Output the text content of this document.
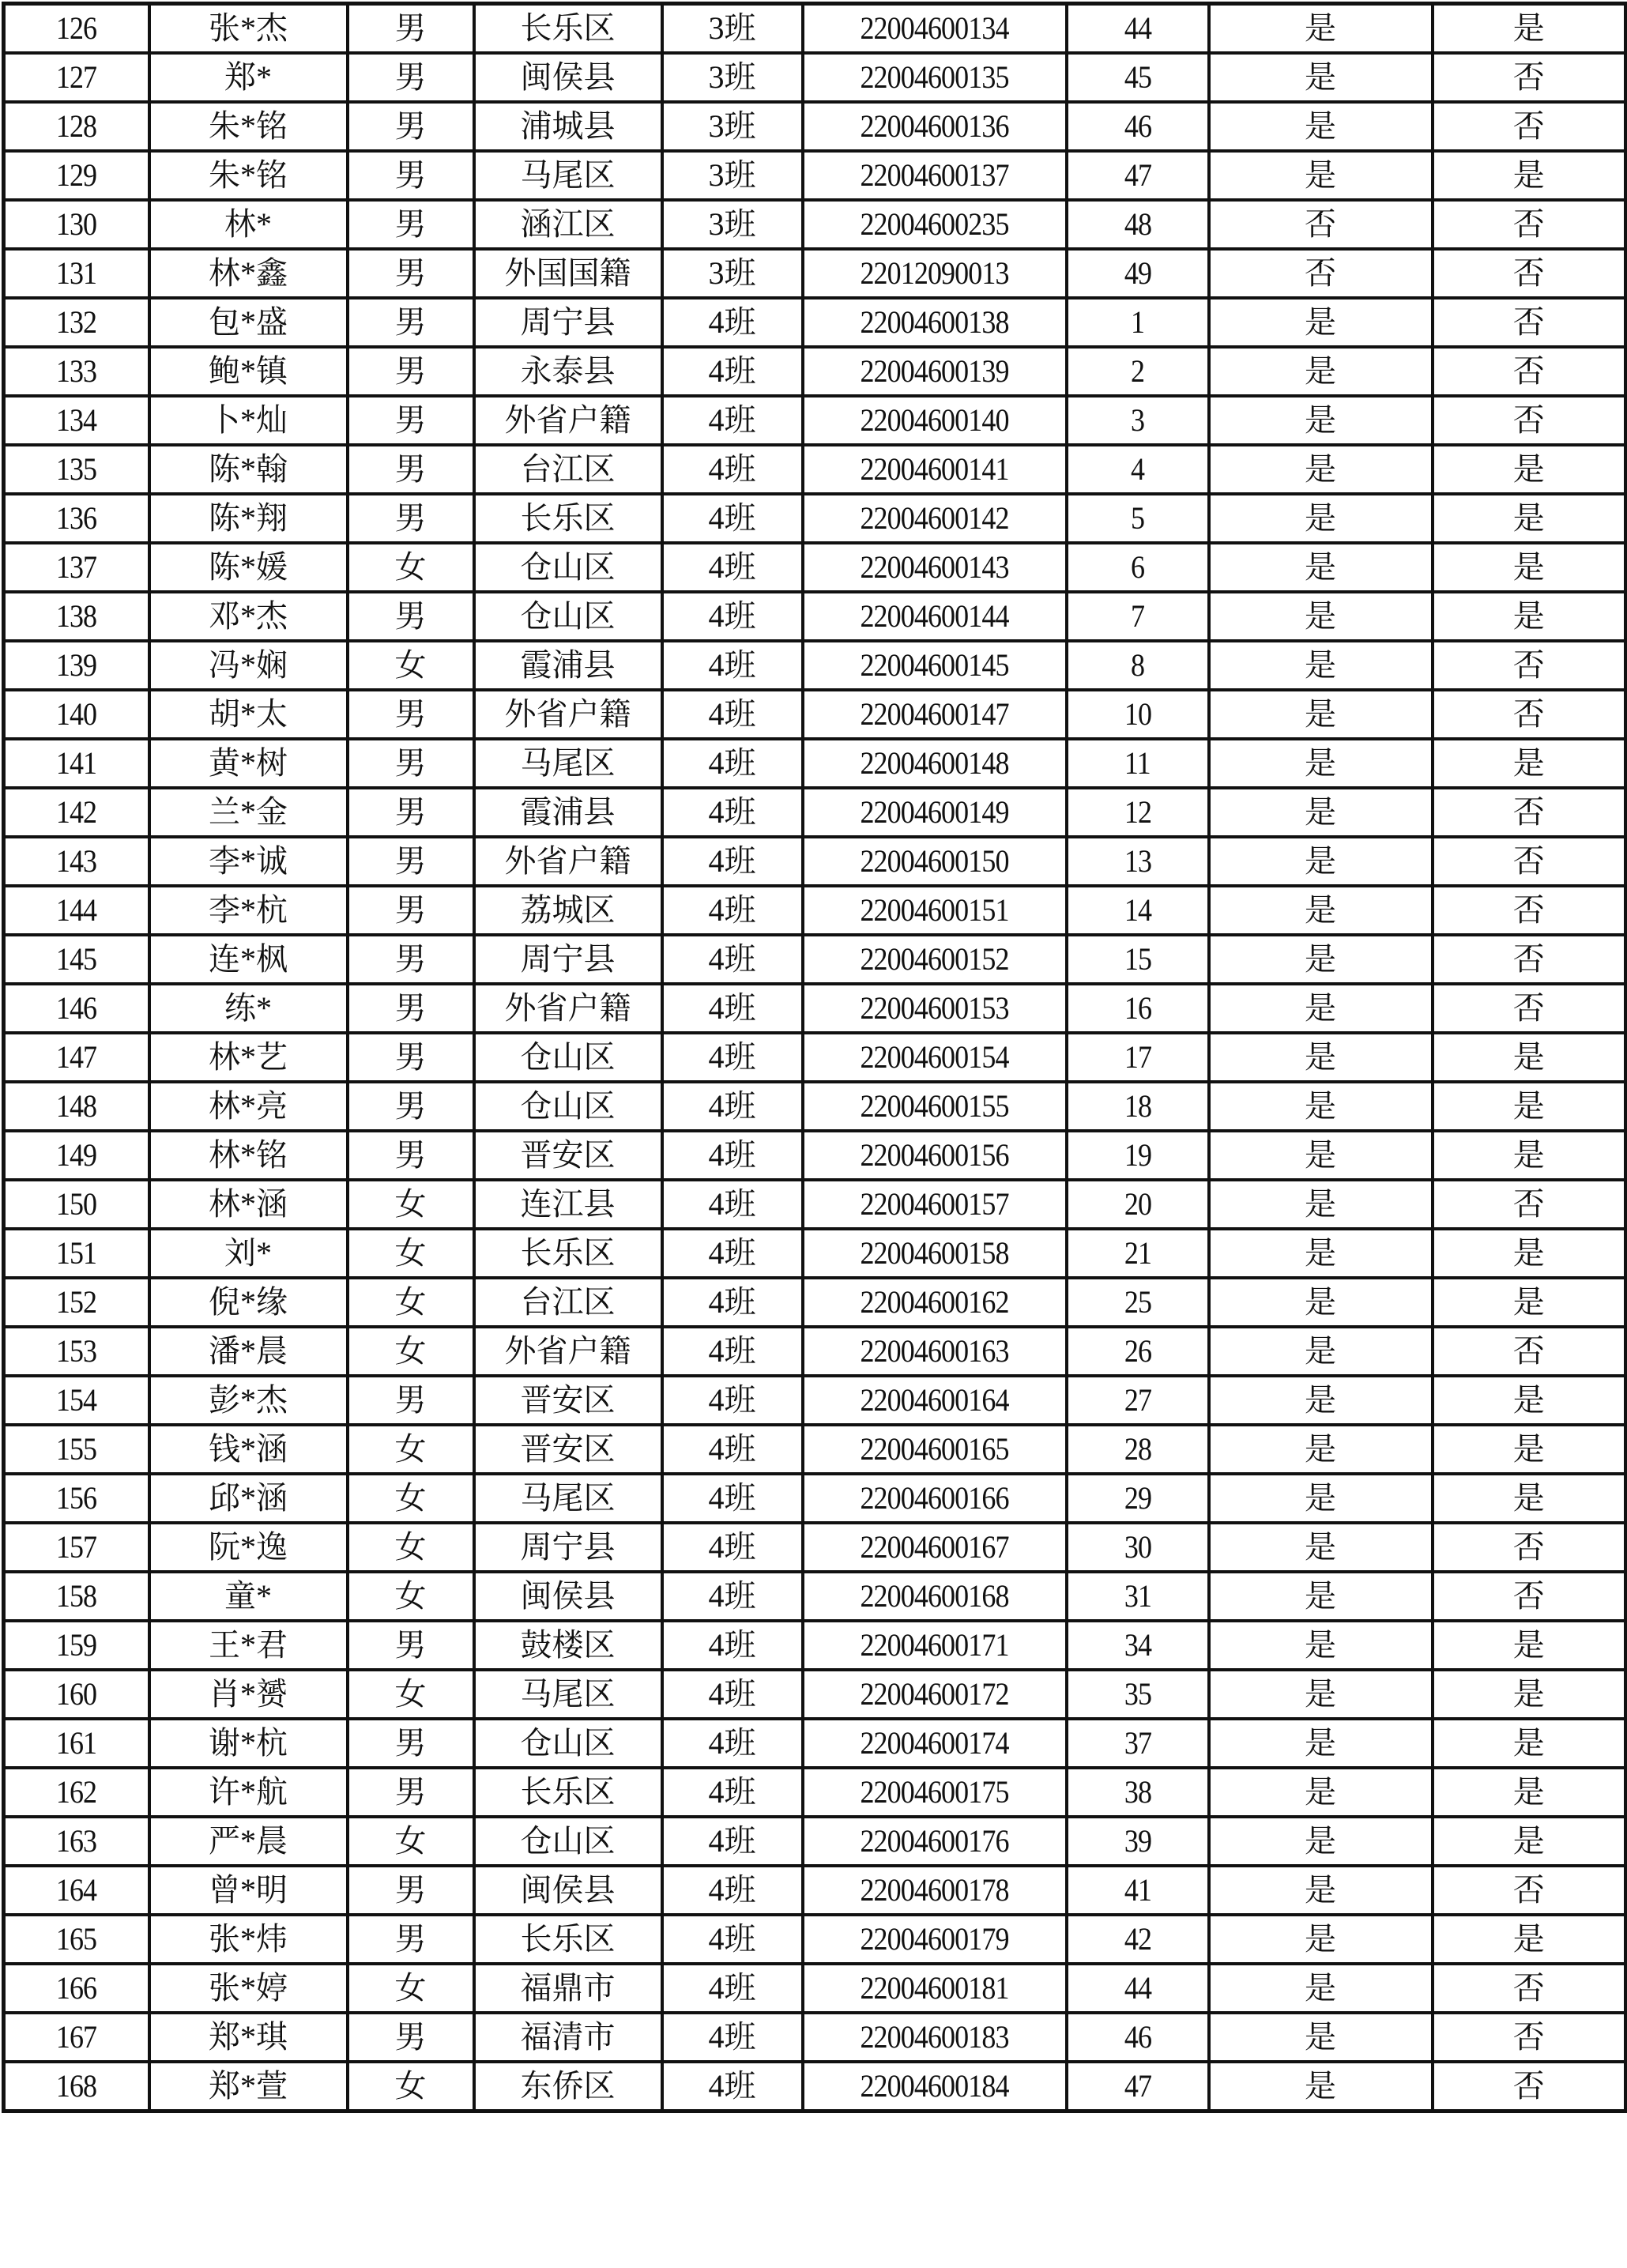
126	张*杰	男	长乐区	3班	22004600134	44	是	是
127	郑*	男	闽侯县	3班	22004600135	45	是	否
128	朱*铭	男	浦城县	3班	22004600136	46	是	否
129	朱*铭	男	马尾区	3班	22004600137	47	是	是
130	林*	男	涵江区	3班	22004600235	48	否	否
131	林*鑫	男	外国国籍	3班	22012090013	49	否	否
132	包*盛	男	周宁县	4班	22004600138	1	是	否
133	鲍*镇	男	永泰县	4班	22004600139	2	是	否
134	卜*灿	男	外省户籍	4班	22004600140	3	是	否
135	陈*翰	男	台江区	4班	22004600141	4	是	是
136	陈*翔	男	长乐区	4班	22004600142	5	是	是
137	陈*媛	女	仓山区	4班	22004600143	6	是	是
138	邓*杰	男	仓山区	4班	22004600144	7	是	是
139	冯*娴	女	霞浦县	4班	22004600145	8	是	否
140	胡*太	男	外省户籍	4班	22004600147	10	是	否
141	黄*树	男	马尾区	4班	22004600148	11	是	是
142	兰*金	男	霞浦县	4班	22004600149	12	是	否
143	李*诚	男	外省户籍	4班	22004600150	13	是	否
144	李*杭	男	荔城区	4班	22004600151	14	是	否
145	连*枫	男	周宁县	4班	22004600152	15	是	否
146	练*	男	外省户籍	4班	22004600153	16	是	否
147	林*艺	男	仓山区	4班	22004600154	17	是	是
148	林*亮	男	仓山区	4班	22004600155	18	是	是
149	林*铭	男	晋安区	4班	22004600156	19	是	是
150	林*涵	女	连江县	4班	22004600157	20	是	否
151	刘*	女	长乐区	4班	22004600158	21	是	是
152	倪*缘	女	台江区	4班	22004600162	25	是	是
153	潘*晨	女	外省户籍	4班	22004600163	26	是	否
154	彭*杰	男	晋安区	4班	22004600164	27	是	是
155	钱*涵	女	晋安区	4班	22004600165	28	是	是
156	邱*涵	女	马尾区	4班	22004600166	29	是	是
157	阮*逸	女	周宁县	4班	22004600167	30	是	否
158	童*	女	闽侯县	4班	22004600168	31	是	否
159	王*君	男	鼓楼区	4班	22004600171	34	是	是
160	肖*赟	女	马尾区	4班	22004600172	35	是	是
161	谢*杭	男	仓山区	4班	22004600174	37	是	是
162	许*航	男	长乐区	4班	22004600175	38	是	是
163	严*晨	女	仓山区	4班	22004600176	39	是	是
164	曾*明	男	闽侯县	4班	22004600178	41	是	否
165	张*炜	男	长乐区	4班	22004600179	42	是	是
166	张*婷	女	福鼎市	4班	22004600181	44	是	否
167	郑*琪	男	福清市	4班	22004600183	46	是	否
168	郑*萱	女	东侨区	4班	22004600184	47	是	否
